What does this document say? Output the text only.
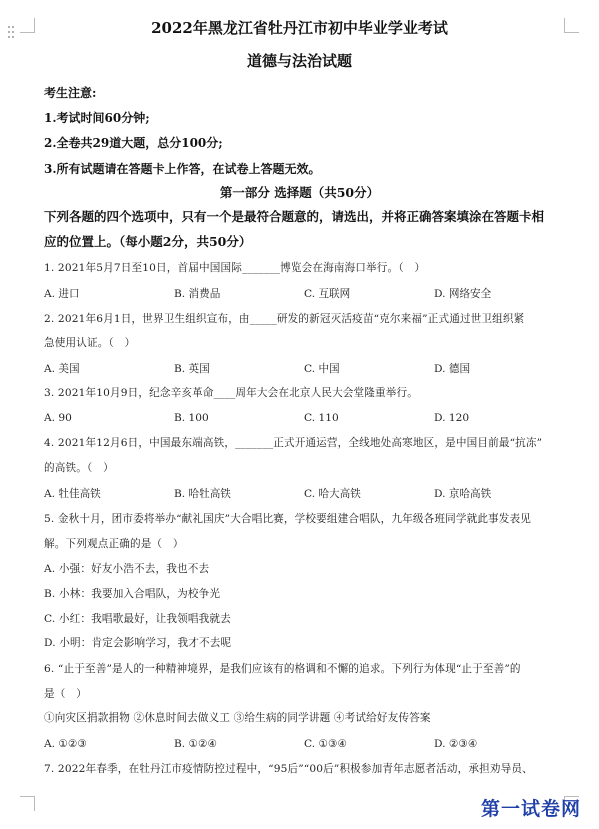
2022年黑龙江省牡丹江市初中毕业学业考试
道德与法治试题
考生注意:
1.考试时间60分钟;
2.全卷共29道大题，总分100分;
3.所有试题请在答题卡上作答，在试卷上答题无效。
第一部分 选择题（共50分）
下列各题的四个选项中，只有一个是最符合题意的，请选出，并将正确答案填涂在答题卡相
应的位置上。（每小题2分，共50分）
1. 2021年5月7日至10日，首届中国国际_______博览会在海南海口举行。（　）
A. 进口	B. 消费品	C. 互联网	D. 网络安全
2. 2021年6月1日，世界卫生组织宣布，由_____研发的新冠灭活疫苗“克尔来福”正式通过世卫组织紧
急使用认证。（　）
A. 美国	B. 英国	C. 中国	D. 德国
3. 2021年10月9日，纪念辛亥革命____周年大会在北京人民大会堂隆重举行。
A. 90	B. 100	C. 110	D. 120
4. 2021年12月6日，中国最东端高铁，_______正式开通运营，全线地处高寒地区，是中国目前最“抗冻”
的高铁。（　）
A. 牡佳高铁	B. 哈牡高铁	C. 哈大高铁	D. 京哈高铁
5. 金秋十月，团市委将举办“献礼国庆”大合唱比赛，学校要组建合唱队，九年级各班同学就此事发表见
解。下列观点正确的是（　）
A. 小强：好友小浩不去，我也不去
B. 小林：我要加入合唱队，为校争光
C. 小红：我唱歌最好，让我领唱我就去
D. 小明：肯定会影响学习，我才不去呢
6. “止于至善”是人的一种精神境界，是我们应该有的格调和不懈的追求。下列行为体现“止于至善”的
是（　）
①向灾区捐款捐物 ②休息时间去做义工 ③给生病的同学讲题 ④考试给好友传答案
A. ①②③	B. ①②④	C. ①③④	D. ②③④
7. 2022年春季，在牡丹江市疫情防控过程中，“95后”“00后”积极参加青年志愿者活动，承担劝导员、
第一试卷网
